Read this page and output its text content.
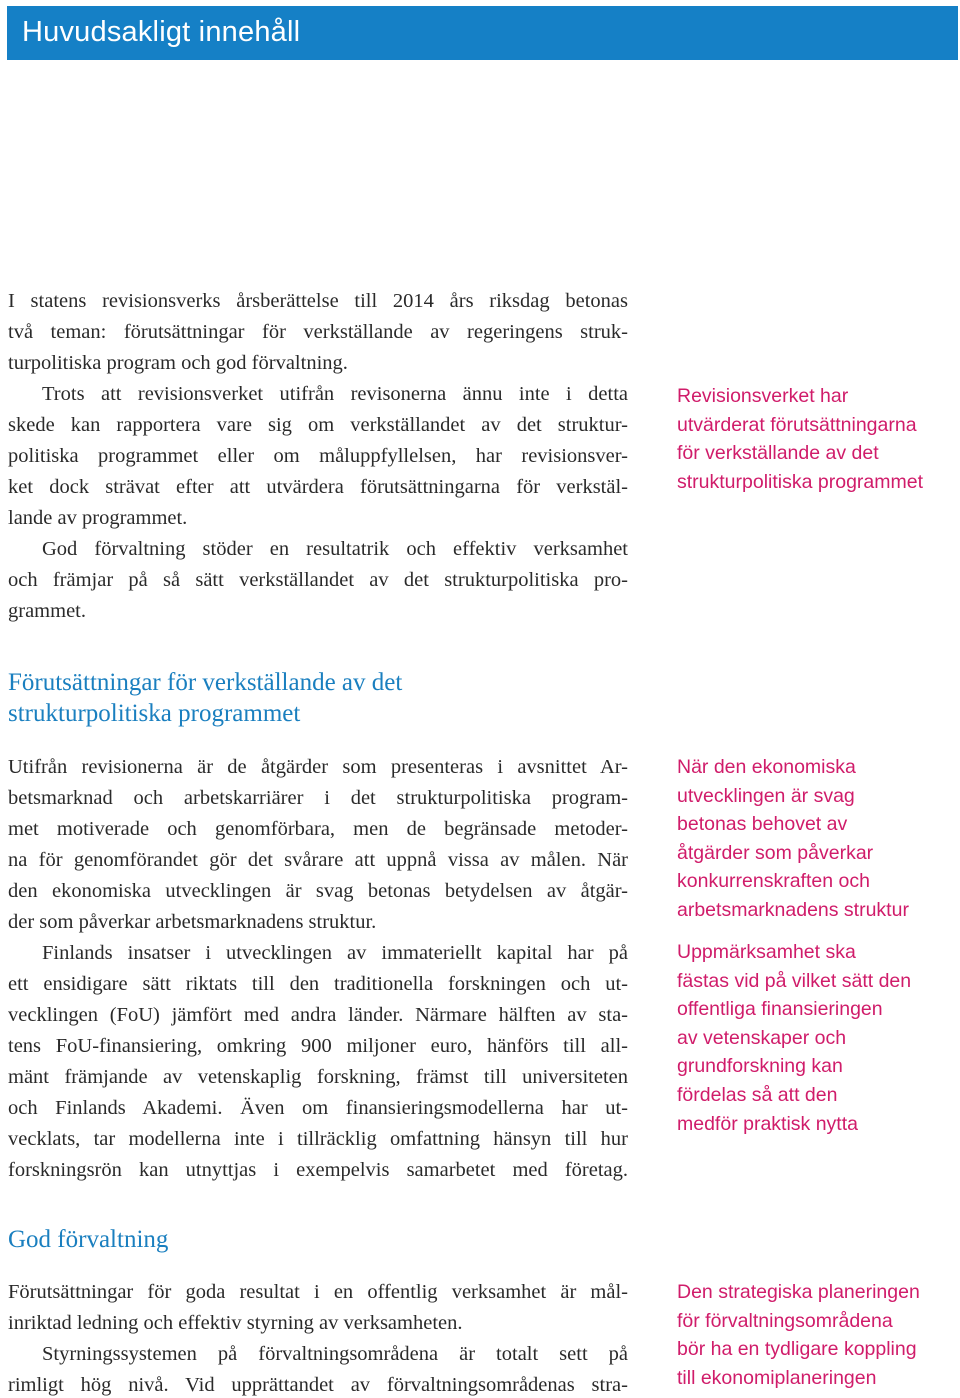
Huvudsakligt innehåll
I statens revisionsverks årsberättelse till 2014 års riksdag betonas
två teman: förutsättningar för verkställande av regeringens struk-
turpolitiska program och god förvaltning.
Trots att revisionsverket utifrån revisonerna ännu inte i detta
skede kan rapportera vare sig om verkställandet av det struktur-
politiska programmet eller om måluppfyllelsen, har revisionsver-
ket dock strävat efter att utvärdera förutsättningarna för verkstäl-
lande av programmet.
God förvaltning stöder en resultatrik och effektiv verksamhet
och främjar på så sätt verkställandet av det strukturpolitiska pro-
grammet.
Revisionsverket har
utvärderat förutsättningarna
för verkställande av det
strukturpolitiska programmet
Förutsättningar för verkställande av det
strukturpolitiska programmet
Utifrån revisionerna är de åtgärder som presenteras i avsnittet Ar-
betsmarknad och arbetskarriärer i det strukturpolitiska program-
met motiverade och genomförbara, men de begränsade metoder-
na för genomförandet gör det svårare att uppnå vissa av målen. När
den ekonomiska utvecklingen är svag betonas betydelsen av åtgär-
der som påverkar arbetsmarknadens struktur.
Finlands insatser i utvecklingen av immateriellt kapital har på
ett ensidigare sätt riktats till den traditionella forskningen och ut-
vecklingen (FoU) jämfört med andra länder. Närmare hälften av sta-
tens FoU-finansiering, omkring 900 miljoner euro, hänförs till all-
mänt främjande av vetenskaplig forskning, främst till universiteten
och Finlands Akademi. Även om finansieringsmodellerna har ut-
vecklats, tar modellerna inte i tillräcklig omfattning hänsyn till hur
forskningsrön kan utnyttjas i exempelvis samarbetet med företag.
När den ekonomiska
utvecklingen är svag
betonas behovet av
åtgärder som påverkar
konkurrenskraften och
arbetsmarknadens struktur
Uppmärksamhet ska
fästas vid på vilket sätt den
offentliga finansieringen
av vetenskaper och
grundforskning kan
fördelas så att den
medför praktisk nytta
God förvaltning
Förutsättningar för goda resultat i en offentlig verksamhet är mål-
inriktad ledning och effektiv styrning av verksamheten.
Styrningssystemen på förvaltningsområdena är totalt sett på
rimligt hög nivå. Vid upprättandet av förvaltningsområdenas stra-
Den strategiska planeringen
för förvaltningsområdena
bör ha en tydligare koppling
till ekonomiplaneringen
